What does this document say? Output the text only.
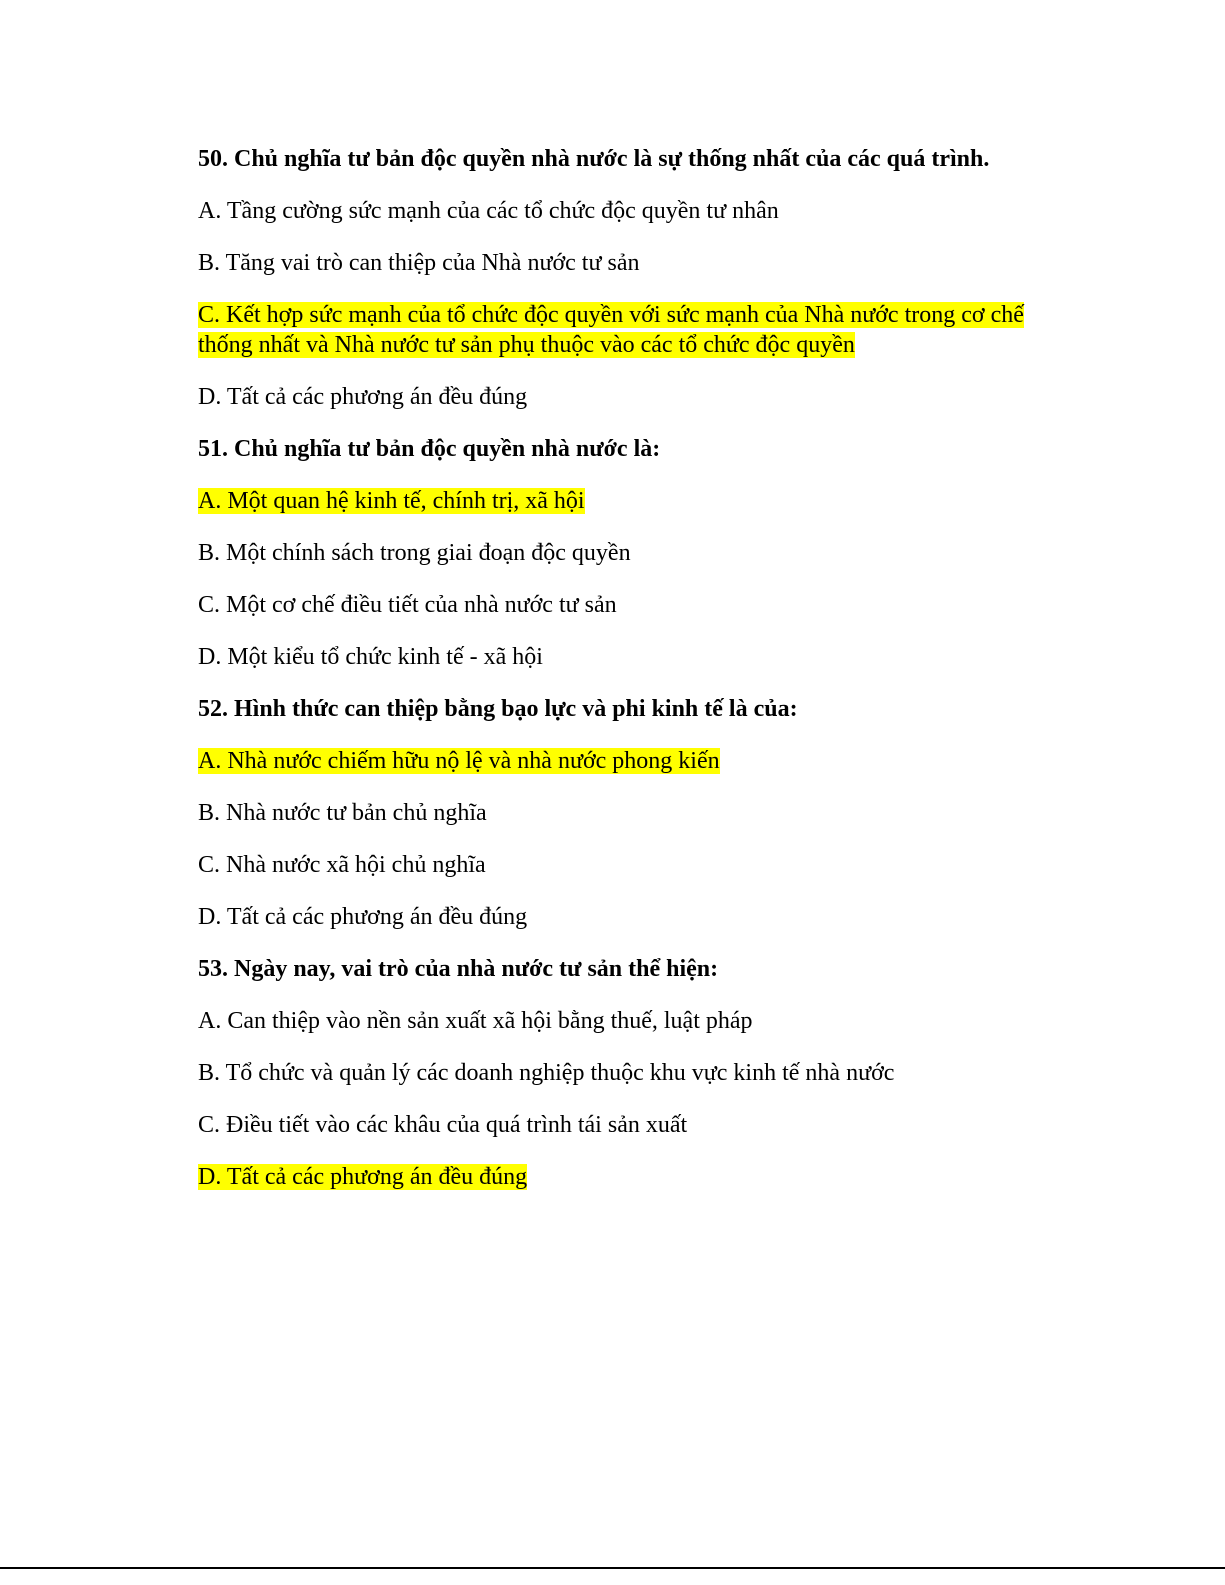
50. Chủ nghĩa tư bản độc quyền nhà nước là sự thống nhất của các quá trình.

A. Tầng cường sức mạnh của các tổ chức độc quyền tư nhân

B. Tăng vai trò can thiệp của Nhà nước tư sản

C. Kết hợp sức mạnh của tổ chức độc quyền với sức mạnh của Nhà nước trong cơ chế thống nhất và Nhà nước tư sản phụ thuộc vào các tổ chức độc quyền

D. Tất cả các phương án đều đúng

51. Chủ nghĩa tư bản độc quyền nhà nước là:

A. Một quan hệ kinh tế, chính trị, xã hội

B. Một chính sách trong giai đoạn độc quyền

C. Một cơ chế điều tiết của nhà nước tư sản

D. Một kiểu tổ chức kinh tế - xã hội

52. Hình thức can thiệp bằng bạo lực và phi kinh tế là của:

A. Nhà nước chiếm hữu nộ lệ và nhà nước phong kiến

B. Nhà nước tư bản chủ nghĩa

C. Nhà nước xã hội chủ nghĩa

D. Tất cả các phương án đều đúng

53. Ngày nay, vai trò của nhà nước tư sản thể hiện:

A. Can thiệp vào nền sản xuất xã hội bằng thuế, luật pháp

B. Tổ chức và quản lý các doanh nghiệp thuộc khu vực kinh tế nhà nước

C. Điều tiết vào các khâu của quá trình tái sản xuất

D. Tất cả các phương án đều đúng
